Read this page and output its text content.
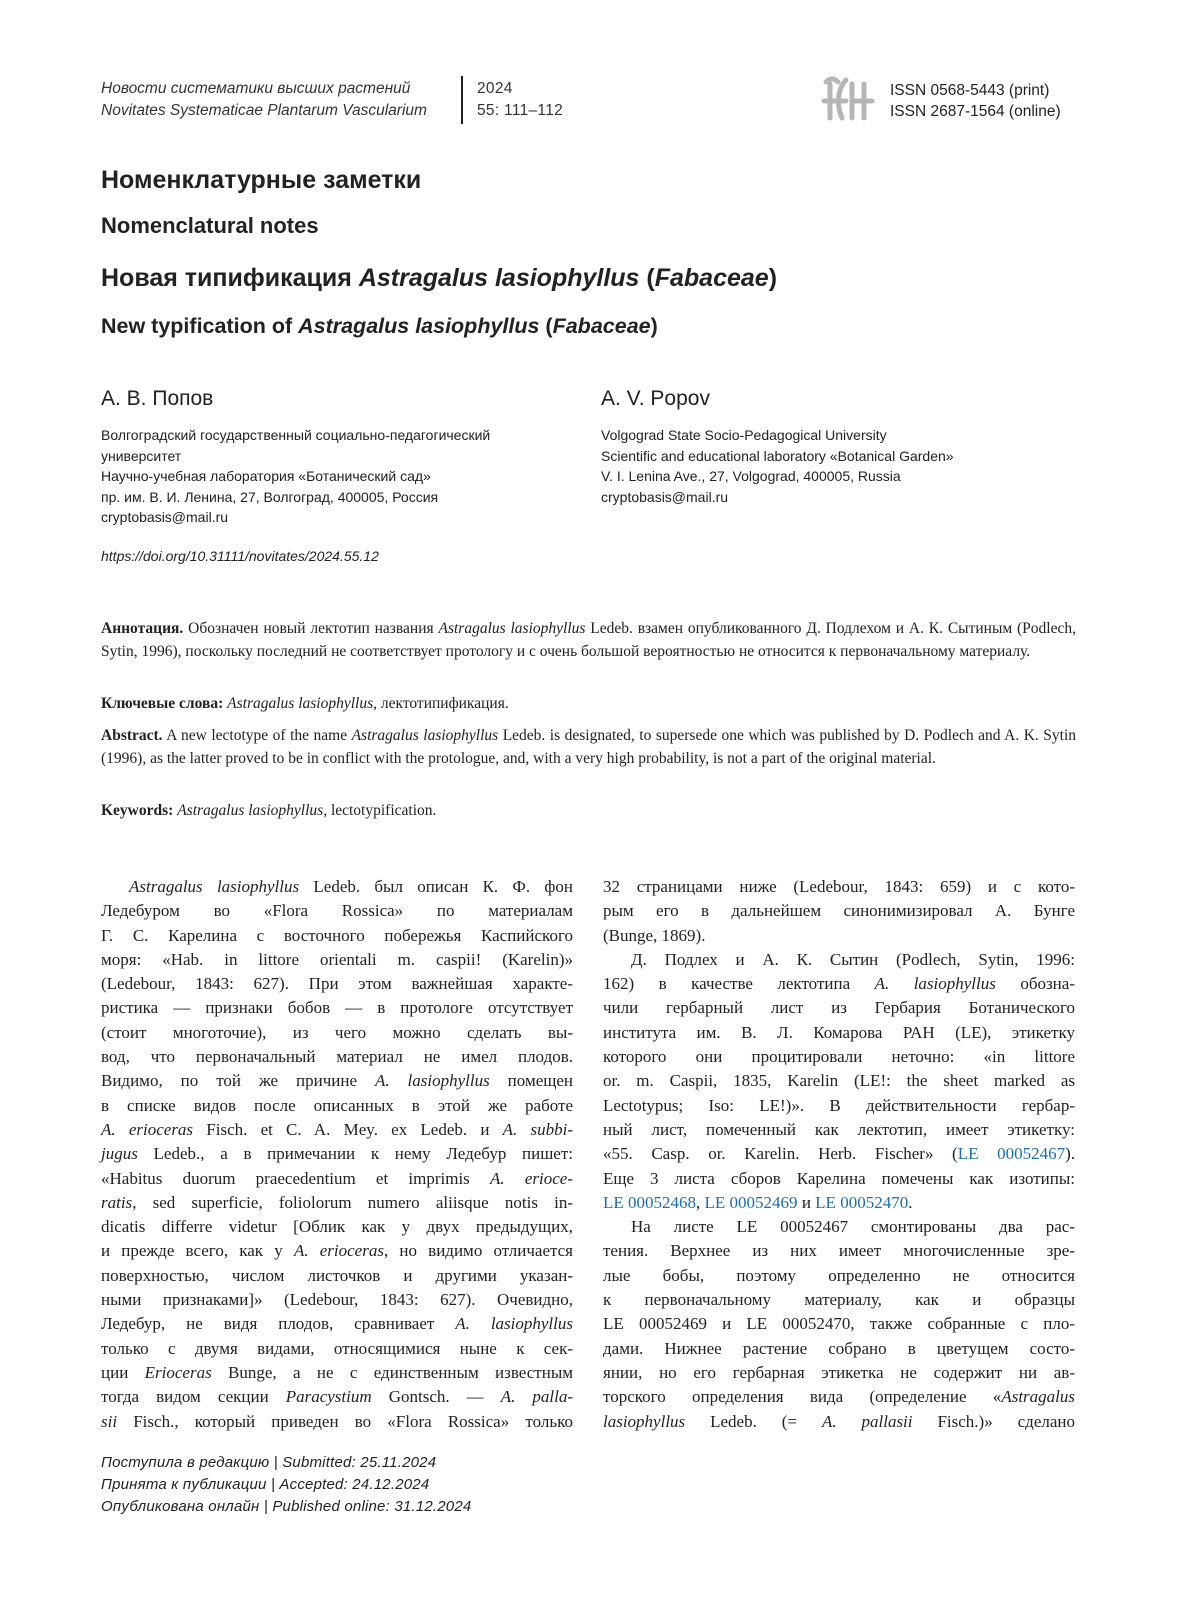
Новости систематики высших растений
Novitates Systematicae Plantarum Vascularium
2024
55: 111–112
ISSN 0568-5443 (print)
ISSN 2687-1564 (online)
Номенклатурные заметки
Nomenclatural notes
Новая типификация Astragalus lasiophyllus (Fabaceae)
New typification of Astragalus lasiophyllus (Fabaceae)
А. В. Попов
Волгоградский государственный социально-педагогический
университет
Научно-учебная лаборатория «Ботанический сад»
пр. им. В. И. Ленина, 27, Волгоград, 400005, Россия
cryptobasis@mail.ru
A. V. Popov
Volgograd State Socio-Pedagogical University
Scientific and educational laboratory «Botanical Garden»
V. I. Lenina Ave., 27, Volgograd, 400005, Russia
cryptobasis@mail.ru
https://doi.org/10.31111/novitates/2024.55.12
Аннотация. Обозначен новый лектотип названия Astragalus lasiophyllus Ledeb. взамен опубликованного Д. Подлехом и А. К. Сытиным (Podlech, Sytin, 1996), поскольку последний не соответствует протологу и с очень большой вероятностью не относится к первоначальному материалу.
Ключевые слова: Astragalus lasiophyllus, лектотипификация.
Abstract. A new lectotype of the name Astragalus lasiophyllus Ledeb. is designated, to supersede one which was published by D. Podlech and A. K. Sytin (1996), as the latter proved to be in conflict with the protologue, and, with a very high probability, is not a part of the original material.
Keywords: Astragalus lasiophyllus, lectotypification.
Astragalus lasiophyllus Ledeb. был описан К. Ф. фон
Ледебуром во «Flora Rossica» по материалам
Г. С. Карелина с восточного побережья Каспийского
моря: «Hab. in littore orientali m. caspii! (Karelin)»
(Ledebour, 1843: 627). При этом важнейшая характе-
ристика — признаки бобов — в протологе отсутствует
(стоит многоточие), из чего можно сделать вы-
вод, что первоначальный материал не имел плодов.
Видимо, по той же причине A. lasiophyllus помещен
в списке видов после описанных в этой же работе
A. erioceras Fisch. et C. A. Mey. ex Ledeb. и A. subbi-
jugus Ledeb., а в примечании к нему Ледебур пишет:
«Habitus duorum praecedentium et imprimis A. erioce-
ratis, sed superficie, foliolorum numero aliisque notis in-
dicatis differre videtur [Облик как у двух предыдущих,
и прежде всего, как у A. erioceras, но видимо отличается
поверхностью, числом листочков и другими указан-
ными признаками]» (Ledebour, 1843: 627). Очевидно,
Ледебур, не видя плодов, сравнивает A. lasiophyllus
только с двумя видами, относящимися ныне к сек-
ции Erioceras Bunge, а не с единственным известным
тогда видом секции Paracystium Gontsch. — A. palla-
sii Fisch., который приведен во «Flora Rossica» только
32 страницами ниже (Ledebour, 1843: 659) и с кото-
рым его в дальнейшем синонимизировал А. Бунге
(Bunge, 1869).
Д. Подлех и А. К. Сытин (Podlech, Sytin, 1996:
162) в качестве лектотипа A. lasiophyllus обозна-
чили гербарный лист из Гербария Ботанического
института им. В. Л. Комарова РАН (LE), этикетку
которого они процитировали неточно: «in littore
or. m. Caspii, 1835, Karelin (LE!: the sheet marked as
Lectotypus; Iso: LE!)». В действительности гербар-
ный лист, помеченный как лектотип, имеет этикетку:
«55. Casp. or. Karelin. Herb. Fischer» (LE 00052467).
Еще 3 листа сборов Карелина помечены как изотипы:
LE 00052468, LE 00052469 и LE 00052470.
На листе LE 00052467 смонтированы два рас-
тения. Верхнее из них имеет многочисленные зре-
лые бобы, поэтому определенно не относится
к первоначальному материалу, как и образцы
LE 00052469 и LE 00052470, также собранные с пло-
дами. Нижнее растение собрано в цветущем состо-
янии, но его гербарная этикетка не содержит ни ав-
торского определения вида (определение «Astragalus
lasiophyllus Ledeb. (= A. pallasii Fisch.)» сделано
Поступила в редакцию | Submitted: 25.11.2024
Принята к публикации | Accepted: 24.12.2024
Опубликована онлайн | Published online: 31.12.2024
